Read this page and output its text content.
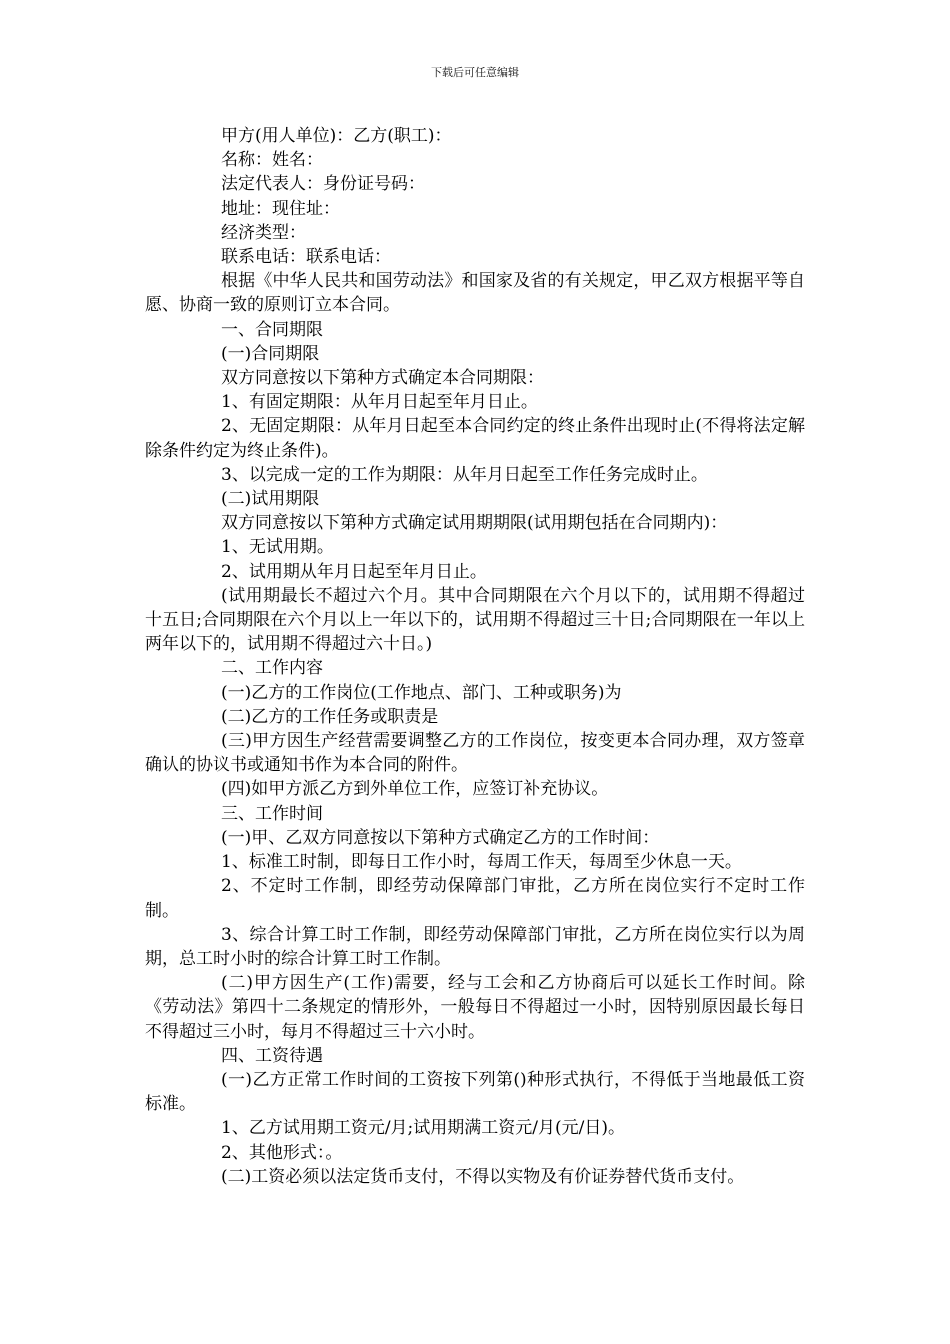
下载后可任意编辑

甲方(用人单位)：乙方(职工)：

名称：姓名：

法定代表人：身份证号码：

地址：现住址：

经济类型：

联系电话：联系电话：

根据《中华人民共和国劳动法》和国家及省的有关规定，甲乙双方根据平等自愿、协商一致的原则订立本合同。

一、合同期限

(一)合同期限

双方同意按以下第种方式确定本合同期限：

1、有固定期限：从年月日起至年月日止。

2、无固定期限：从年月日起至本合同约定的终止条件出现时止(不得将法定解除条件约定为终止条件)。

3、以完成一定的工作为期限：从年月日起至工作任务完成时止。

(二)试用期限

双方同意按以下第种方式确定试用期期限(试用期包括在合同期内)：

1、无试用期。

2、试用期从年月日起至年月日止。

(试用期最长不超过六个月。其中合同期限在六个月以下的，试用期不得超过十五日;合同期限在六个月以上一年以下的，试用期不得超过三十日;合同期限在一年以上两年以下的，试用期不得超过六十日。)

二、工作内容

(一)乙方的工作岗位(工作地点、部门、工种或职务)为

(二)乙方的工作任务或职责是

(三)甲方因生产经营需要调整乙方的工作岗位，按变更本合同办理，双方签章确认的协议书或通知书作为本合同的附件。

(四)如甲方派乙方到外单位工作，应签订补充协议。

三、工作时间

(一)甲、乙双方同意按以下第种方式确定乙方的工作时间：

1、标准工时制，即每日工作小时，每周工作天，每周至少休息一天。

2、不定时工作制，即经劳动保障部门审批，乙方所在岗位实行不定时工作制。

3、综合计算工时工作制，即经劳动保障部门审批，乙方所在岗位实行以为周期，总工时小时的综合计算工时工作制。

(二)甲方因生产(工作)需要，经与工会和乙方协商后可以延长工作时间。除《劳动法》第四十二条规定的情形外，一般每日不得超过一小时，因特别原因最长每日不得超过三小时，每月不得超过三十六小时。

四、工资待遇

(一)乙方正常工作时间的工资按下列第()种形式执行，不得低于当地最低工资标准。

1、乙方试用期工资元/月;试用期满工资元/月(元/日)。

2、其他形式：。

(二)工资必须以法定货币支付，不得以实物及有价证券替代货币支付。
